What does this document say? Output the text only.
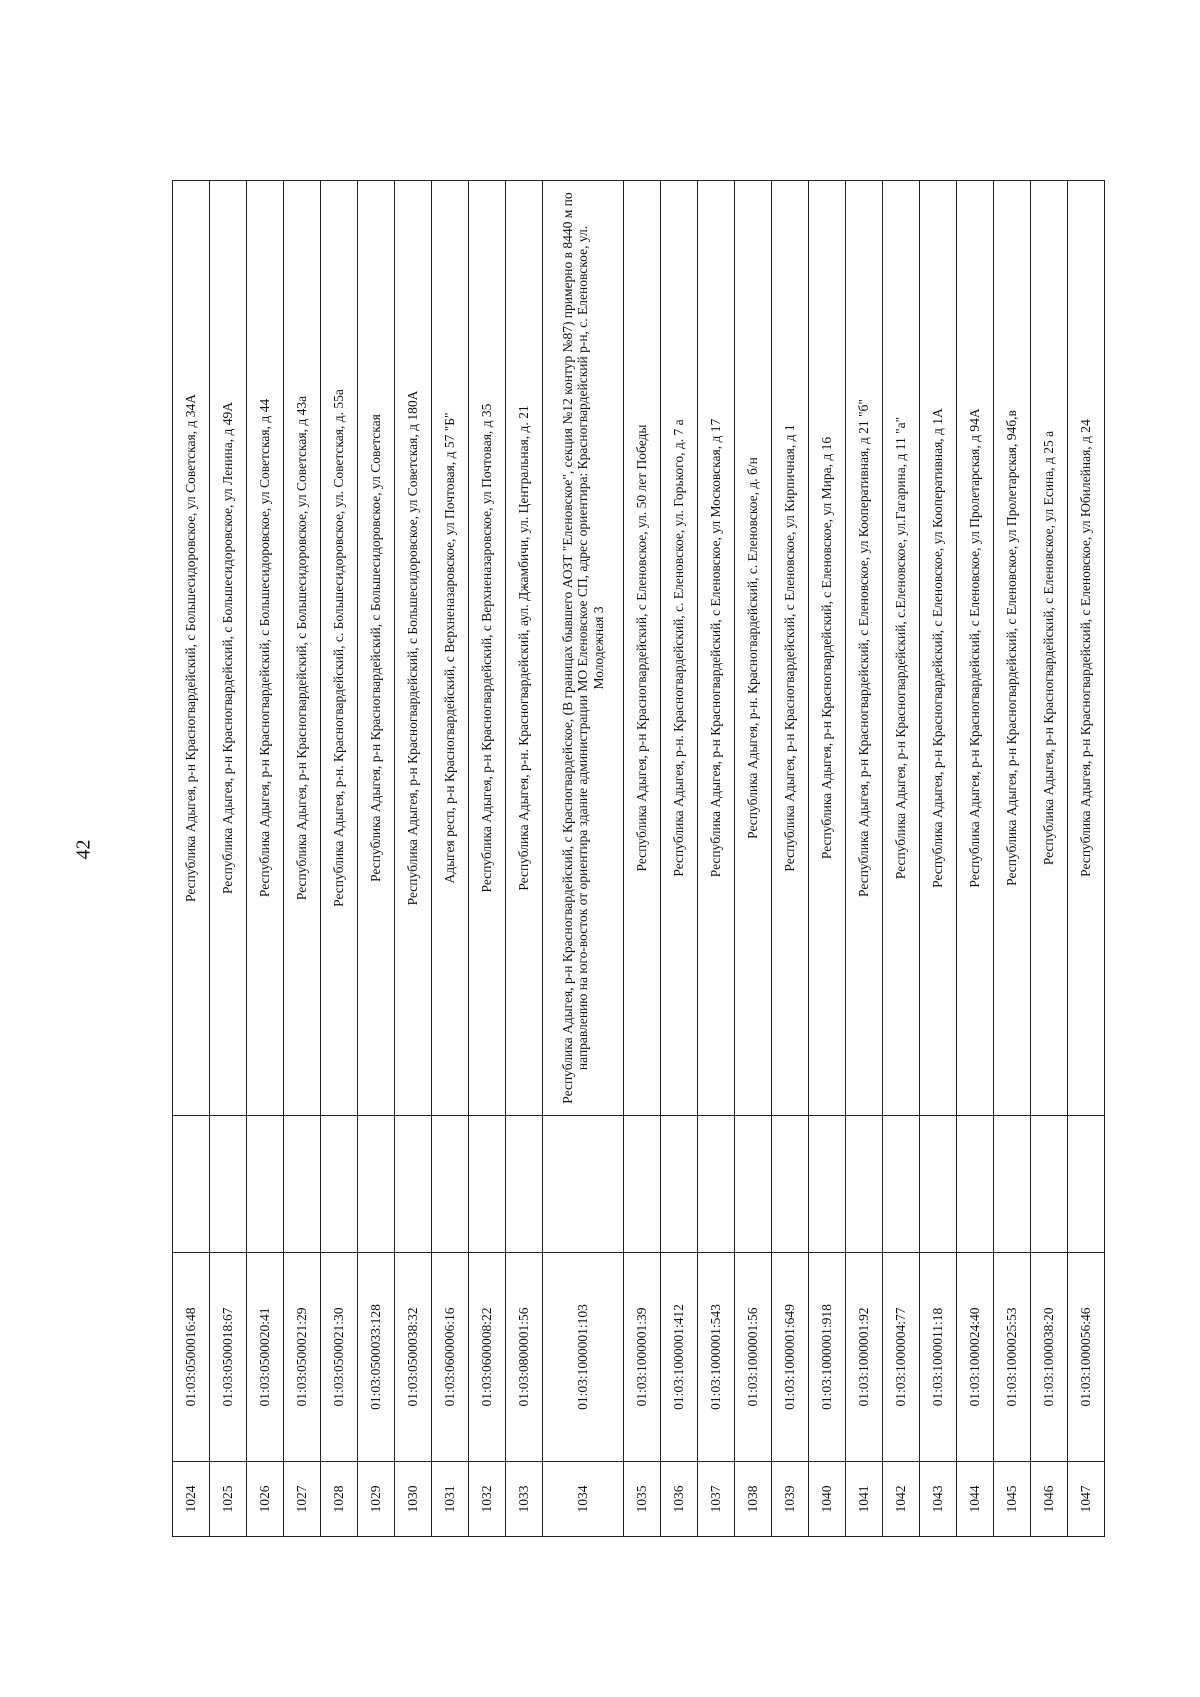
42
1024	01:03:0500016:48		Республика Адыгея, р-н Красногвардейский, с Большесидоровское, ул Советская, д 34А
1025	01:03:0500018:67		Республика Адыгея, р-н Красногвардейский, с Большесидоровское, ул Ленина, д 49А
1026	01:03:0500020:41		Республика Адыгея, р-н Красногвардейский, с Большесидоровское, ул Советская, д 44
1027	01:03:0500021:29		Республика Адыгея, р-н Красногвардейский, с Большесидоровское, ул Советская, д 43а
1028	01:03:0500021:30		Республика Адыгея, р-н. Красногвардейский, с. Большесидоровское, ул. Советская, д. 55а
1029	01:03:0500033:128		Республика Адыгея, р-н Красногвардейский, с Большесидоровское, ул Советская
1030	01:03:0500038:32		Республика Адыгея, р-н Красногвардейский, с Большесидоровское, ул Советская, д 180А
1031	01:03:0600006:16		Адыгея респ, р-н Красногвардейский, с Верхненазаровское, ул Почтовая, д 57 "Б"
1032	01:03:0600008:22		Республика Адыгея, р-н Красногвардейский, с Верхненазаровское, ул Почтовая, д 35
1033	01:03:0800001:56		Республика Адыгея, р-н. Красногвардейский, аул. Джамбичи, ул. Центральная, д. 21
1034	01:03:1000001:103		Республика Адыгея, р-н Красногвардейский, с Красногвардейское, (В границах бывшего АОЗТ "Еленовское", секция №12 контур №87) примерно в 8440 м по направлению на юго-восток от ориентира здание администрации МО Еленовское СП, адрес ориентира: Красногвардейский р-н, с. Еленовское, ул. Молодежная 3
1035	01:03:1000001:39		Республика Адыгея, р-н Красногвардейский, с Еленовское, ул. 50 лет Победы
1036	01:03:1000001:412		Республика Адыгея, р-н. Красногвардейский, с. Еленовское, ул. Горького, д. 7 а
1037	01:03:1000001:543		Республика Адыгея, р-н Красногвардейский, с Еленовское, ул Московская, д 17
1038	01:03:1000001:56		Республика Адыгея, р-н. Красногвардейский, с. Еленовское, д. б/н
1039	01:03:1000001:649		Республика Адыгея, р-н Красногвардейский, с Еленовское, ул Кирпичная, д 1
1040	01:03:1000001:918		Республика Адыгея, р-н Красногвардейский, с Еленовское, ул Мира, д 16
1041	01:03:1000001:92		Республика Адыгея, р-н Красногвардейский, с Еленовское, ул Кооперативная, д 21 "б"
1042	01:03:1000004:77		Республика Адыгея, р-н Красногвардейский, с.Еленовское, ул.Гагарина, д 11 "а"
1043	01:03:1000011:18		Республика Адыгея, р-н Красногвардейский, с Еленовское, ул Кооперативная, д 1А
1044	01:03:1000024:40		Республика Адыгея, р-н Красногвардейский, с Еленовское, ул Пролетарская, д 94А
1045	01:03:1000025:53		Республика Адыгея, р-н Красногвардейский, с Еленовское, ул Пролетарская, 94б,в
1046	01:03:1000038:20		Республика Адыгея, р-н Красногвардейский, с Еленовское, ул Есина, д 25 а
1047	01:03:1000056:46		Республика Адыгея, р-н Красногвардейский, с Еленовское, ул Юбилейная, д 24
